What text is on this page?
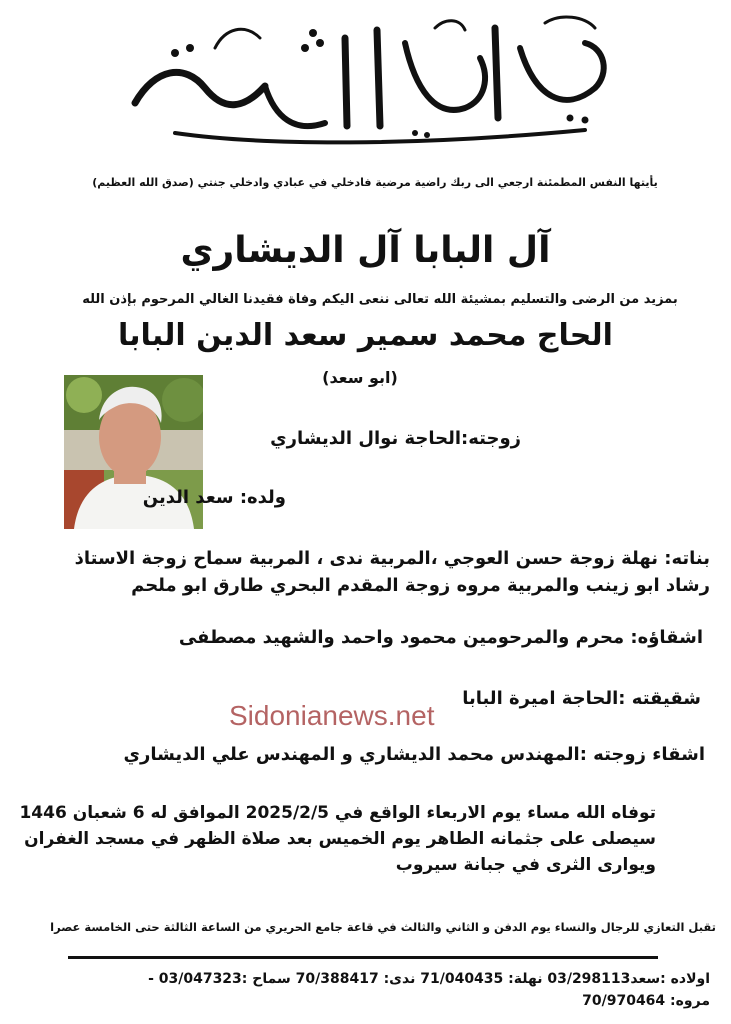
يأيتها النفس المطمئنة ارجعي الى ربك راضية مرضية فادخلي في عبادي وادخلي جنتي (صدق الله العظيم)
آل البابا آل الديشاري
بمزيد من الرضى والتسليم بمشيئة الله تعالى ننعى اليكم وفاة فقيدنا الغالي المرحوم بإذن الله
الحاج محمد سمير سعد الدين البابا
(ابو سعد)
زوجته:الحاجة نوال الديشاري
ولده: سعد الدين
بناته: نهلة زوجة حسن العوجي ،المربية ندى ، المربية سماح زوجة الاستاذ
رشاد ابو زينب والمربية مروه زوجة المقدم البحري طارق ابو ملحم
اشقاؤه: محرم والمرحومين محمود واحمد والشهيد مصطفى
شقيقته :الحاجة اميرة البابا
Sidonianews.net
اشقاء زوجته :المهندس محمد الديشاري و المهندس علي الديشاري
توفاه الله مساء يوم الاربعاء الواقع في 2025/2/5 الموافق له 6 شعبان 1446
سيصلى على جثمانه الطاهر يوم الخميس بعد صلاة الظهر في مسجد الغفران
ويوارى الثرى في جبانة سيروب
تقبل التعازي للرجال والنساء يوم الدفن و الثاني والثالث في قاعة جامع الحريري من الساعة الثالثة حتى الخامسة عصرا
اولاده :سعد03/298113 نهلة: 71/040435 ندى: 70/388417 سماح :03/047323 -
مروه: 70/970464
